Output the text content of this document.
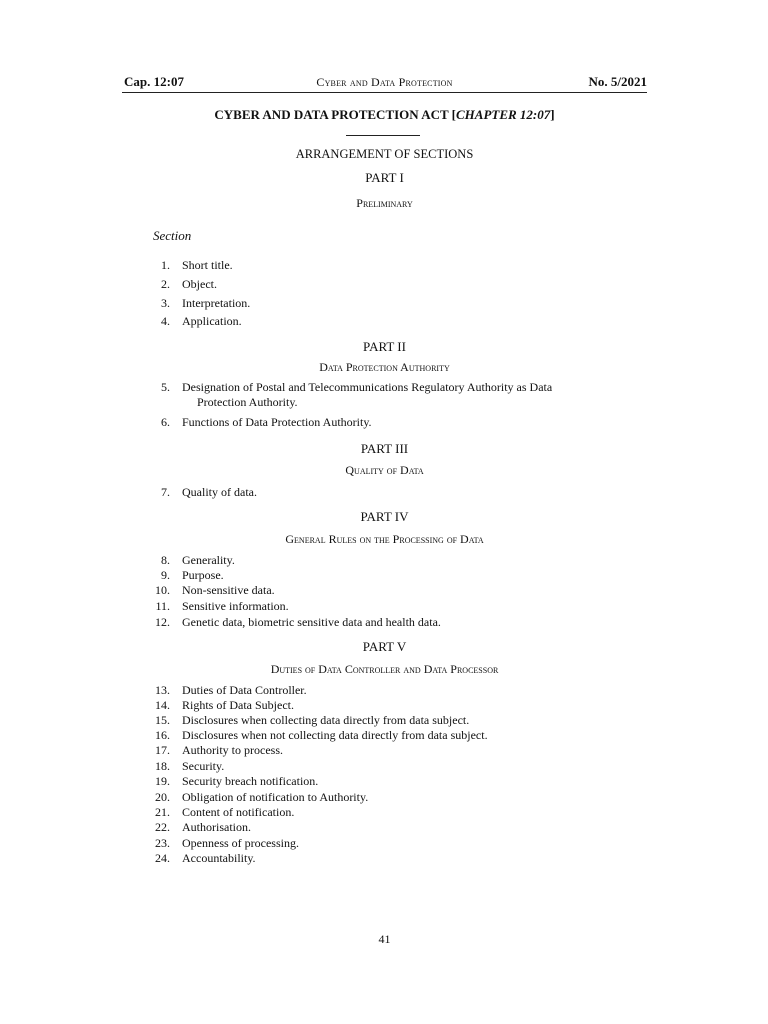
Cap. 12:07	Cyber and Data Protection	No. 5/2021
CYBER AND DATA PROTECTION ACT [CHAPTER 12:07]
ARRANGEMENT OF SECTIONS
PART I
Preliminary
Section
1. Short title.
2. Object.
3. Interpretation.
4. Application.
PART II
Data Protection Authority
5. Designation of Postal and Telecommunications Regulatory Authority as Data
Protection Authority.
6. Functions of Data Protection Authority.
PART III
Quality of Data
7. Quality of data.
PART IV
General Rules on the Processing of Data
8. Generality.
9. Purpose.
10. Non-sensitive data.
11. Sensitive information.
12. Genetic data, biometric sensitive data and health data.
PART V
Duties of Data Controller and Data Processor
13. Duties of Data Controller.
14. Rights of Data Subject.
15. Disclosures when collecting data directly from data subject.
16. Disclosures when not collecting data directly from data subject.
17. Authority to process.
18. Security.
19. Security breach notification.
20. Obligation of notification to Authority.
21. Content of notification.
22. Authorisation.
23. Openness of processing.
24. Accountability.
41
